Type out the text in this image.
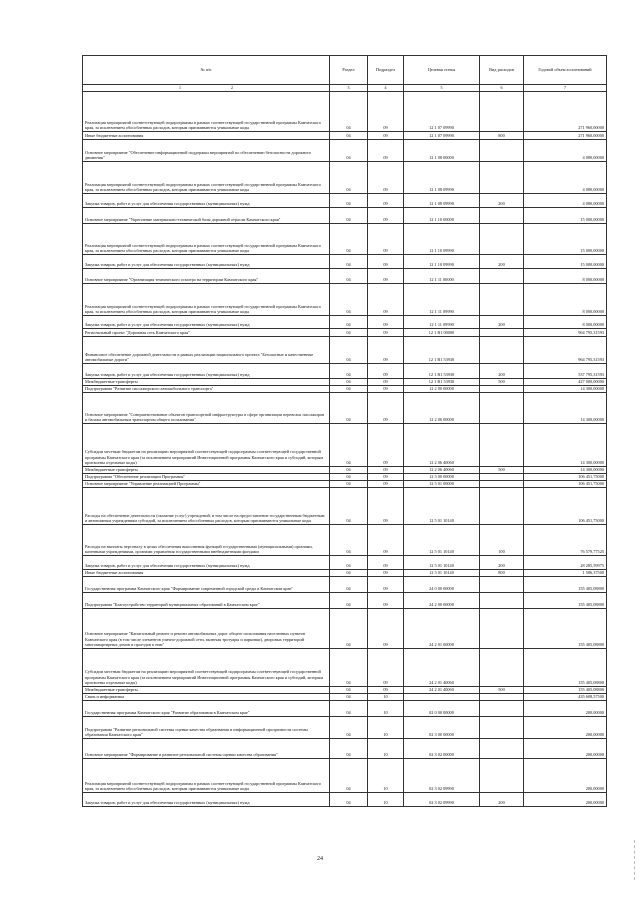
№ п/п	Раздел	Подраздел	Целевая статья	Вид расходов	Годовой объем ассигнований
1 2	3	4	5	6	7
Реализация мероприятий соответствующей подпрограммы в рамках соответствующей государственной программы Камчатского края, за исключением обособленных расходов, которым присваиваются уникальные коды	04	09	12 1 07 09990		271 960,00000
Иные бюджетные ассигнования	04	09	12 1 07 09990	800	271 960,00000
Основное мероприятие "Обеспечение информационной поддержки мероприятий по обеспечению безопасности дорожного движения"	04	09	12 1 08 00000		4 080,00000
Реализация мероприятий соответствующей подпрограммы в рамках соответствующей государственной программы Камчатского края, за исключением обособленных расходов, которым присваиваются уникальные коды	04	09	12 1 08 09990		4 080,00000
Закупка товаров, работ и услуг для обеспечения государственных (муниципальных) нужд	04	09	12 1 08 09990	200	4 080,00000
Основное мероприятие "Укрепление материально-технической базы дорожной отрасли Камчатского края"	04	09	12 1 10 00000		15 000,00000
Реализация мероприятий соответствующей подпрограммы в рамках соответствующей государственной программы Камчатского края, за исключением обособленных расходов, которым присваиваются уникальные коды	04	09	12 1 10 09990		15 000,00000
Закупка товаров, работ и услуг для обеспечения государственных (муниципальных) нужд	04	09	12 1 10 09990	200	15 000,00000
Основное мероприятие "Организация технического осмотра на территории Камчатского края"	04	09	12 1 11 00000		8 000,00000
Реализация мероприятий соответствующей подпрограммы в рамках соответствующей государственной программы Камчатского края, за исключением обособленных расходов, которым присваиваются уникальные коды	04	09	12 1 11 09990		8 000,00000
Закупка товаров, работ и услуг для обеспечения государственных (муниципальных) нужд	04	09	12 1 11 09990	200	8 000,00000
Региональный проект "Дорожная сеть Камчатского края"	04	09	12 1 R1 00000		964 795,31593
Финансовое обеспечение дорожной деятельности в рамках реализации национального проекта "Безопасные и качественные автомобильные дороги"	04	09	12 1 R1 53930		964 795,31593
Закупка товаров, работ и услуг для обеспечения государственных (муниципальных) нужд	04	09	12 1 R1 53930	200	537 795,31593
Межбюджетные трансферты	04	09	12 1 R1 53930	500	427 000,00000
Подпрограмма "Развитие пассажирского автомобильного транспорта"	04	09	12 2 00 00000		14 300,00000
Основное мероприятие "Совершенствование объектов транспортной инфраструктуры в сфере организации перевозок пассажиров и багажа автомобильным транспортом общего пользования"	04	09	12 2 06 00000		14 300,00000
Субсидии местным бюджетам на реализацию мероприятий соответствующей подпрограммы соответствующей государственной программы Камчатского края (за исключением мероприятий Инвестиционной программы Камчатского края и субсидий, которым присвоены отдельные коды)	04	09	12 2 06 40060		14 300,00000
Межбюджетные трансферты	04	09	12 2 06 40060	500	14 300,00000
Подпрограмма "Обеспечение реализации Программы"	04	09	12 5 00 00000		106 451,75000
Основное мероприятие "Управление реализацией Программы"	04	09	12 5 01 00000		106 451,75000
Расходы на обеспечение деятельности (оказание услуг) учреждений, в том числе на предоставление государственным бюджетным и автономным учреждениям субсидий, за исключением обособленных расходов, которым присваиваются уникальные коды	04	09	12 5 01 10140		106 451,75000
Расходы на выплаты персоналу в целях обеспечения выполнения функций государственными (муниципальными) органами, казенными учреждениями, органами управления государственными внебюджетными фондами	04	09	12 5 01 10140	100	76 579,77525
Закупка товаров, работ и услуг для обеспечения государственных (муниципальных) нужд	04	09	12 5 01 10140	200	28 285,59975
Иные бюджетные ассигнования	04	09	12 5 01 10140	800	1 586,37500
Государственная программа Камчатского края "Формирование современной городской среды в Камчатском крае"	04	09	24 0 00 00000		155 405,08800
Подпрограмма "Благоустройство территорий муниципальных образований в Камчатском крае"	04	09	24 2 00 00000		155 405,08800
Основное мероприятие "Капитальный ремонт и ремонт автомобильных дорог общего пользования населенных пунктов Камчатского края (в том числе элементов улично-дорожной сети, включая тротуары и парковки), дворовых территорий многоквартирных домов и проездов к ним"	04	09	24 2 01 00000		155 405,08800
Субсидии местным бюджетам на реализацию мероприятий соответствующей подпрограммы соответствующей государственной программы Камчатского края (за исключением мероприятий Инвестиционной программы Камчатского края и субсидий, которым присвоены отдельные коды)	04	09	24 2 01 40060		155 405,08800
Межбюджетные трансферты	04	09	24 2 01 40060	500	155 405,08800
Связь и информатика	04	10			435 608,57500
Государственная программа Камчатского края "Развитие образования в Камчатском крае"	04	10	02 0 00 00000		200,00000
Подпрограмма "Развитие региональной системы оценки качества образования и информационной прозрачности системы образования Камчатского края"	04	10	02 3 00 00000		200,00000
Основное мероприятие "Формирование и развитие региональной системы оценки качества образования"	04	10	02 3 02 00000		200,00000
Реализация мероприятий соответствующей подпрограммы в рамках соответствующей государственной программы Камчатского края, за исключением обособленных расходов, которым присваиваются уникальные коды	04	10	02 3 02 09990		200,00000
Закупка товаров, работ и услуг для обеспечения государственных (муниципальных) нужд	04	10	02 3 02 09990	200	200,00000
24
